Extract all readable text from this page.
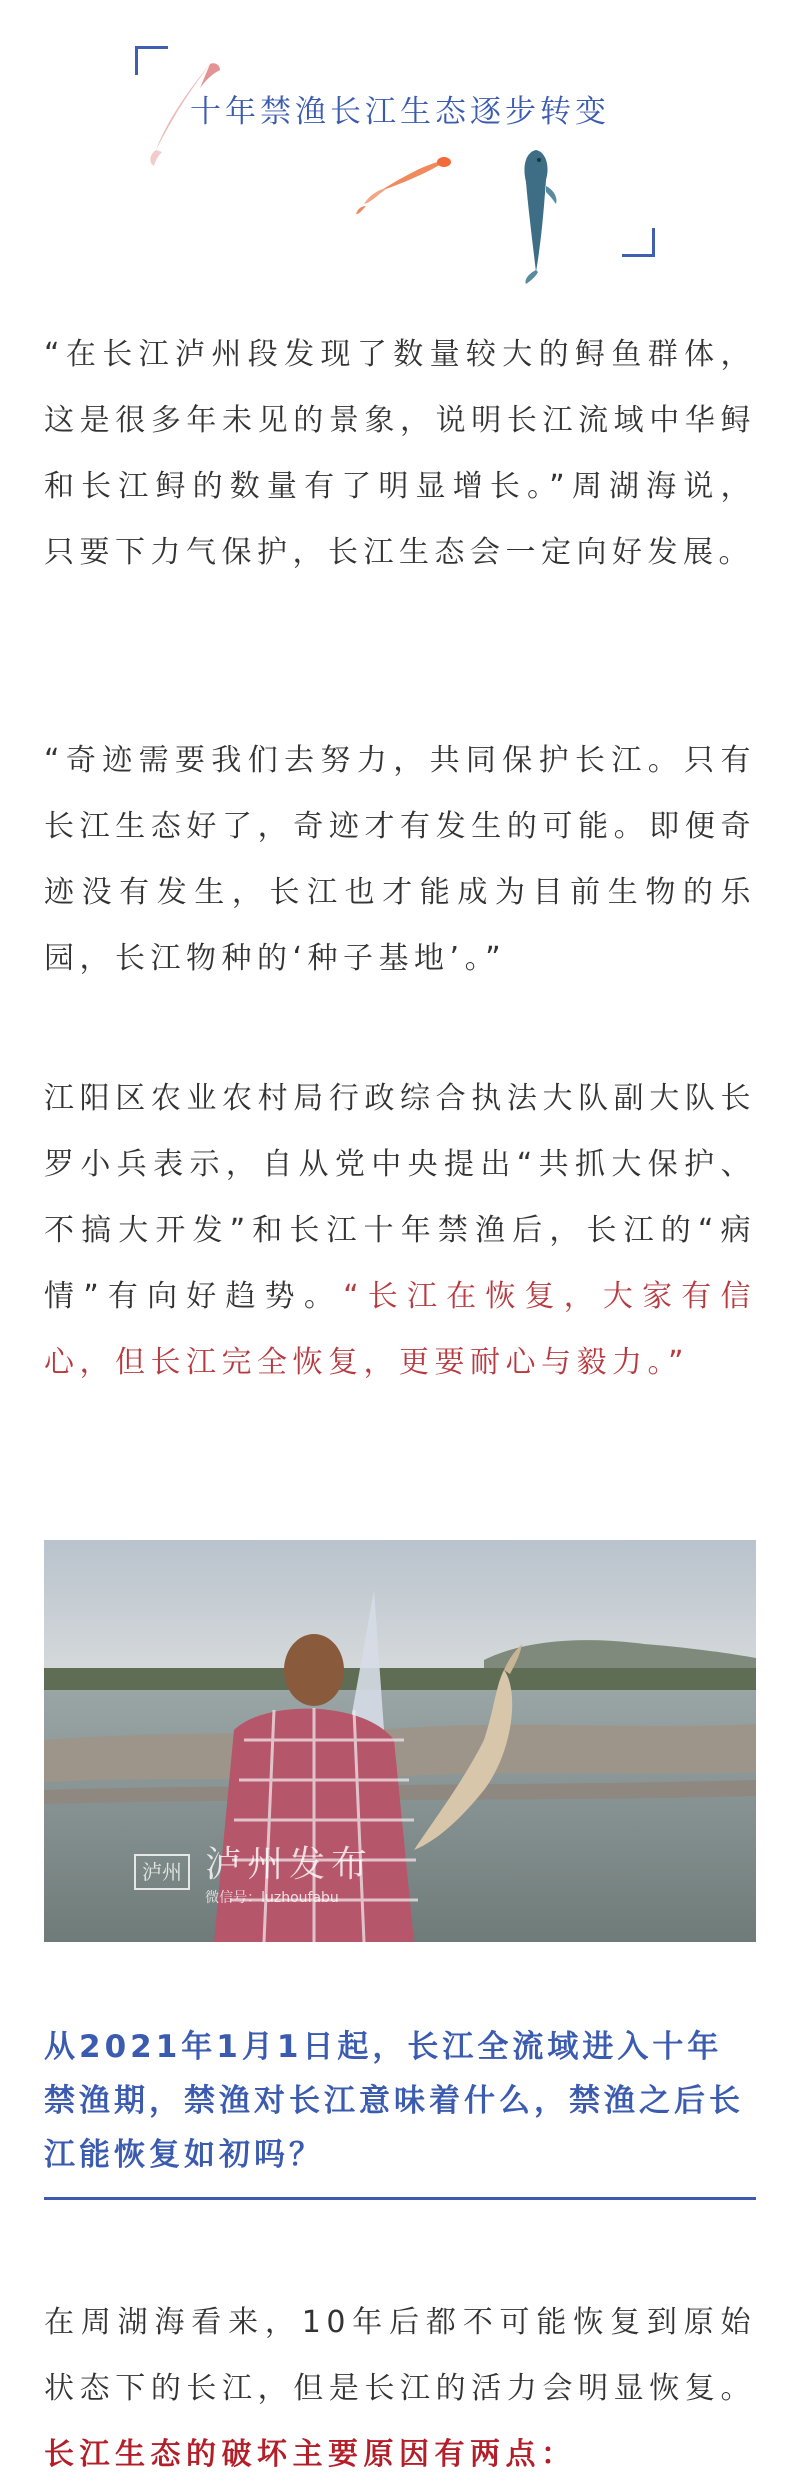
十年禁渔长江生态逐步转变
“在长江泸州段发现了数量较大的鲟鱼群体，这是很多年未见的景象，说明长江流域中华鲟和长江鲟的数量有了明显增长。”周湖海说，只要下力气保护，长江生态会一定向好发展。
“奇迹需要我们去努力，共同保护长江。只有长江生态好了，奇迹才有发生的可能。即便奇迹没有发生，长江也才能成为目前生物的乐园，长江物种的‘种子基地’。”
江阳区农业农村局行政综合执法大队副大队长罗小兵表示，自从党中央提出“共抓大保护、不搞大开发”和长江十年禁渔后，长江的“病情”有向好趋势。“长江在恢复，大家有信心，但长江完全恢复，更要耐心与毅力。”
泸州 泸州发布
微信号：luzhoufabu
从2021年1月1日起，长江全流域进入十年禁渔期，禁渔对长江意味着什么，禁渔之后长江能恢复如初吗？
在周湖海看来，10年后都不可能恢复到原始状态下的长江，但是长江的活力会明显恢复。长江生态的破坏主要原因有两点：
